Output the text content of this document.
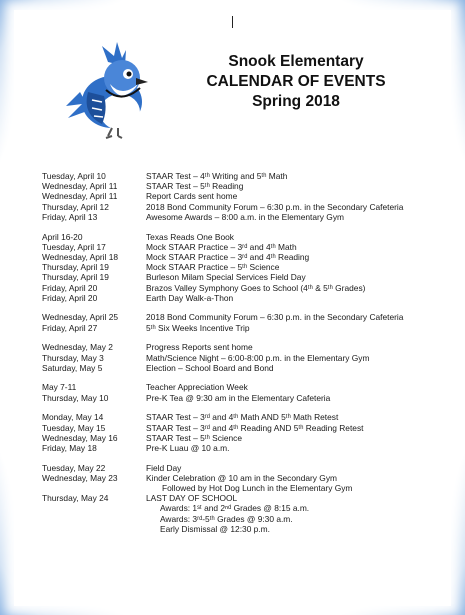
Snook Elementary
CALENDAR OF EVENTS
Spring 2018
Tuesday, April 10	STAAR Test – 4ᵗʰ Writing and 5ᵗʰ Math
Wednesday, April 11	STAAR Test – 5ᵗʰ Reading
Wednesday, April 11	Report Cards sent home
Thursday, April 12	2018 Bond Community Forum – 6:30 p.m. in the Secondary Cafeteria
Friday, April 13	Awesome Awards – 8:00 a.m. in the Elementary Gym
April 16-20	Texas Reads One Book
Tuesday, April 17	Mock STAAR Practice – 3ʳᵈ and 4ᵗʰ Math
Wednesday, April 18	Mock STAAR Practice – 3ʳᵈ and 4ᵗʰ Reading
Thursday, April 19	Mock STAAR Practice – 5ᵗʰ Science
Thursday, April 19	Burleson Milam Special Services Field Day
Friday, April 20	Brazos Valley Symphony Goes to School (4ᵗʰ & 5ᵗʰ Grades)
Friday, April 20	Earth Day Walk-a-Thon
Wednesday, April 25	2018 Bond Community Forum – 6:30 p.m. in the Secondary Cafeteria
Friday, April 27	5ᵗʰ Six Weeks Incentive Trip
Wednesday, May 2	Progress Reports sent home
Thursday, May 3	Math/Science Night – 6:00-8:00 p.m. in the Elementary Gym
Saturday, May 5	Election – School Board and Bond
May 7-11	Teacher Appreciation Week
Thursday, May 10	Pre-K Tea @ 9:30 am in the Elementary Cafeteria
Monday, May 14	STAAR Test – 3ʳᵈ and 4ᵗʰ Math AND 5ᵗʰ Math Retest
Tuesday, May 15	STAAR Test – 3ʳᵈ and 4ᵗʰ Reading AND 5ᵗʰ Reading Retest
Wednesday, May 16	STAAR Test – 5ᵗʰ Science
Friday, May 18	Pre-K Luau @ 10 a.m.
Tuesday, May 22	Field Day
Wednesday, May 23	Kinder Celebration @ 10 am in the Secondary Gym
Followed by Hot Dog Lunch in the Elementary Gym
Thursday, May 24	LAST DAY OF SCHOOL
Awards: 1ˢᵗ and 2ⁿᵈ Grades @ 8:15 a.m.
Awards: 3ʳᵈ-5ᵗʰ Grades @ 9:30 a.m.
Early Dismissal @ 12:30 p.m.
